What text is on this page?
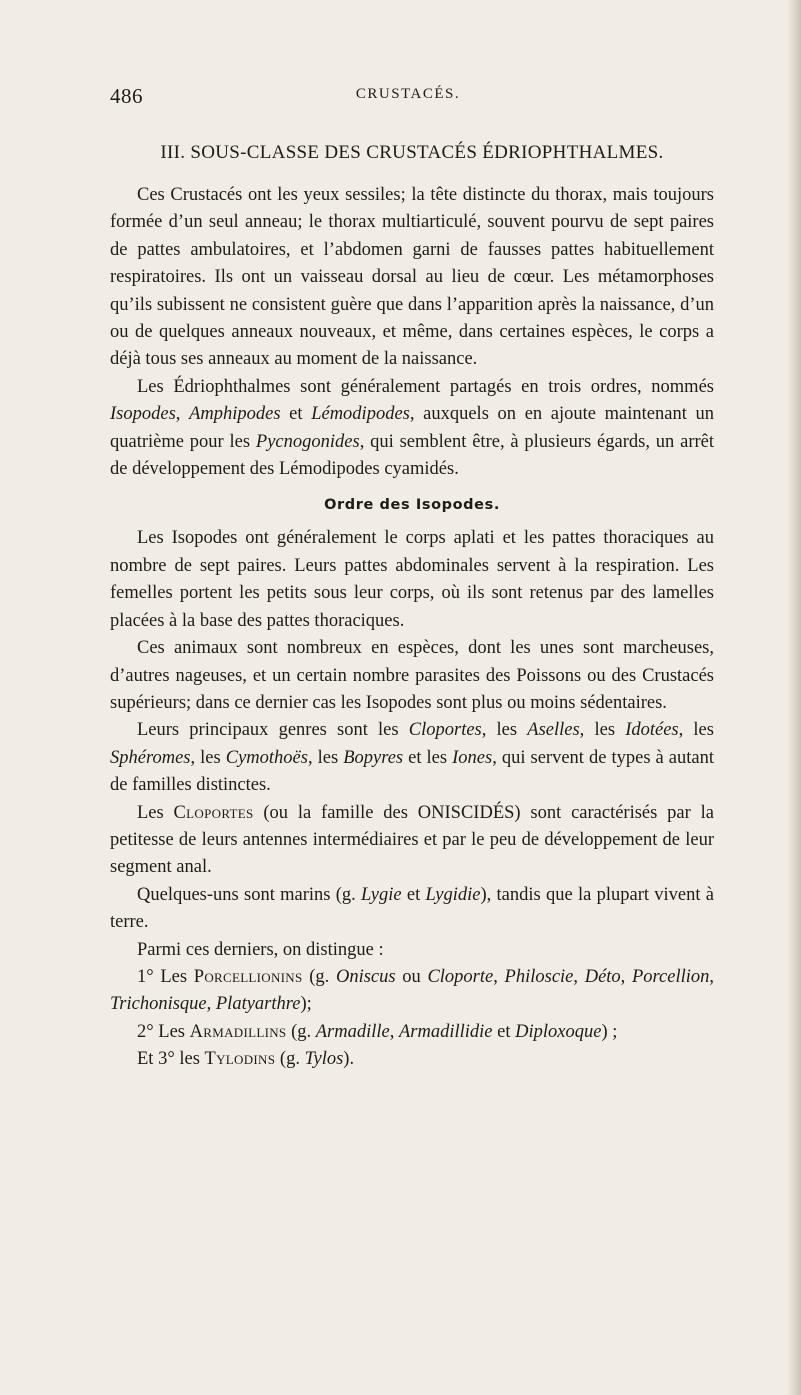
486	CRUSTACÉS.
III. SOUS-CLASSE DES CRUSTACÉS ÉDRIOPHTHALMES.

Ces Crustacés ont les yeux sessiles; la tête distincte du thorax, mais toujours formée d’un seul anneau; le thorax multiarticulé, souvent pourvu de sept paires de pattes ambulatoires, et l’abdomen garni de fausses pattes habituellement respiratoires. Ils ont un vaisseau dorsal au lieu de cœur. Les métamorphoses qu’ils subissent ne consistent guère que dans l’apparition après la naissance, d’un ou de quelques anneaux nouveaux, et même, dans certaines espèces, le corps a déjà tous ses anneaux au moment de la naissance.

Les Édriophthalmes sont généralement partagés en trois ordres, nommés Isopodes, Amphipodes et Lémodipodes, auxquels on en ajoute maintenant un quatrième pour les Pycnogonides, qui semblent être, à plusieurs égards, un arrêt de développement des Lémodipodes cyamidés.

Ordre des Isopodes.

Les Isopodes ont généralement le corps aplati et les pattes thoraciques au nombre de sept paires. Leurs pattes abdominales servent à la respiration. Les femelles portent les petits sous leur corps, où ils sont retenus par des lamelles placées à la base des pattes thoraciques.

Ces animaux sont nombreux en espèces, dont les unes sont marcheuses, d’autres nageuses, et un certain nombre parasites des Poissons ou des Crustacés supérieurs; dans ce dernier cas les Isopodes sont plus ou moins sédentaires.

Leurs principaux genres sont les Cloportes, les Aselles, les Idotées, les Sphéromes, les Cymothoës, les Bopyres et les Iones, qui servent de types à autant de familles distinctes.

Les Cloportes (ou la famille des ONISCIDÉS) sont caractérisés par la petitesse de leurs antennes intermédiaires et par le peu de développement de leur segment anal.

Quelques-uns sont marins (g. Lygie et Lygidie), tandis que la plupart vivent à terre.

Parmi ces derniers, on distingue :

1° Les Porcellionins (g. Oniscus ou Cloporte, Philoscie, Déto, Porcellion, Trichonisque, Platyarthre);

2° Les Armadillins (g. Armadille, Armadillidie et Diploxoque) ;

Et 3° les Tylodins (g. Tylos).
